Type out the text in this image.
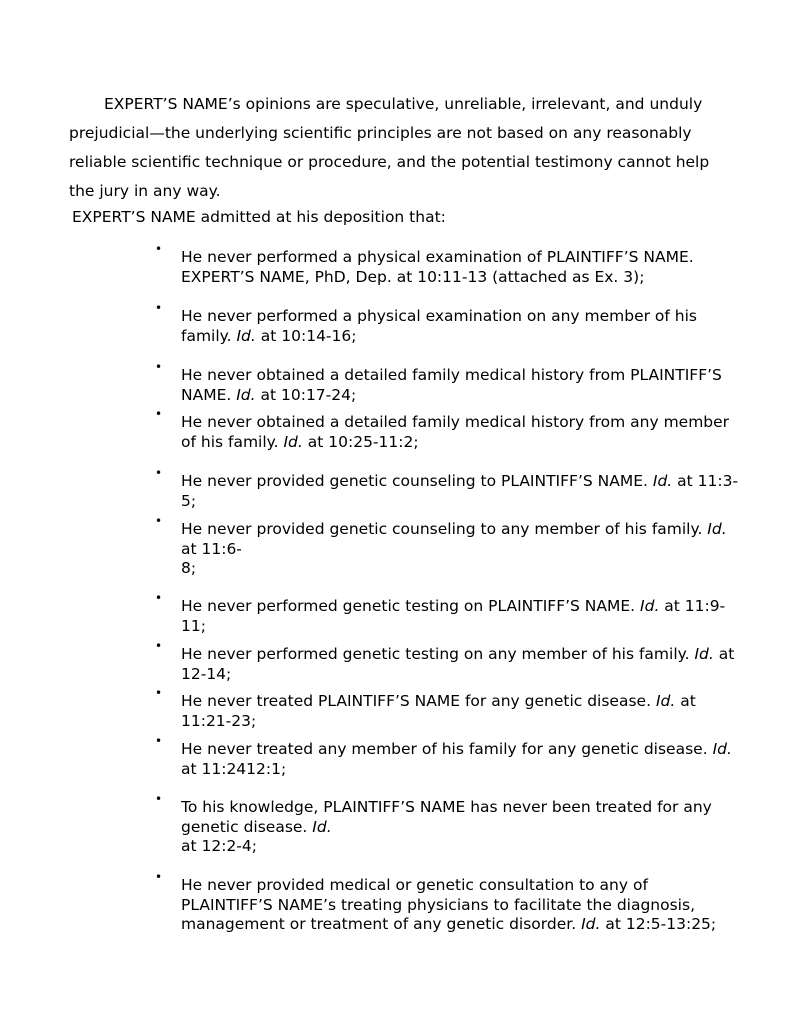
EXPERT’S NAME’s opinions are speculative, unreliable, irrelevant, and unduly prejudicial—the underlying scientific principles are not based on any reasonably reliable scientific technique or procedure, and the potential testimony cannot help the jury in any way.

EXPERT’S NAME admitted at his deposition that:

• He never performed a physical examination of PLAINTIFF’S NAME. EXPERT’S NAME, PhD, Dep. at 10:11-13 (attached as Ex. 3);

• He never performed a physical examination on any member of his family. Id. at 10:14-16;

• He never obtained a detailed family medical history from PLAINTIFF’S NAME. Id. at 10:17-24;

• He never obtained a detailed family medical history from any member of his family. Id. at 10:25-11:2;

• He never provided genetic counseling to PLAINTIFF’S NAME. Id. at 11:3-5;

• He never provided genetic counseling to any member of his family. Id. at 11:6-
8;

• He never performed genetic testing on PLAINTIFF’S NAME. Id. at 11:9-11;

• He never performed genetic testing on any member of his family. Id. at 12-14;

• He never treated PLAINTIFF’S NAME for any genetic disease. Id. at 11:21-23;

• He never treated any member of his family for any genetic disease. Id. at 11:2412:1;

• To his knowledge, PLAINTIFF’S NAME has never been treated for any genetic disease. Id.
at 12:2-4;

• He never provided medical or genetic consultation to any of PLAINTIFF’S NAME’s treating physicians to facilitate the diagnosis, management or treatment of any genetic disorder. Id. at 12:5-13:25;
